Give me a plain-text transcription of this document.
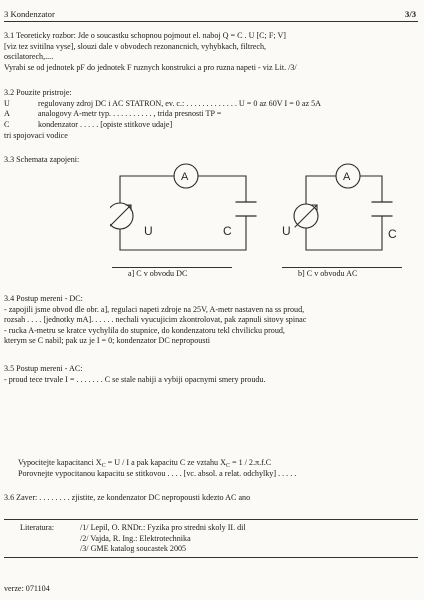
3 Kondenzator	3/3
3.1 Teoreticky rozbor: Jde o soucastku schopnou pojmout el. naboj Q = C . U [C; F; V]
[viz tez svitilna vyse], slouzi dale v obvodech rezonancnich, vyhybkach, filtrech,
oscilatorech,....
Vyrabi se od jednotek pF do jednotek F ruznych konstrukci a pro ruzna napeti - viz Lit. /3/
3.2 Pouzite pristroje:
U	regulovany zdroj DC i AC STATRON, ev. c.: . . . . . . . . . . . . . U = 0 az 60V I = 0 az 5A
A	analogovy A-metr typ. . . . . . . . . . . , trida presnosti TP =
C	kondenzator . . . . . [opiste stitkove udaje]
tri spojovaci vodice
3.3 Schemata zapojeni:
A
U	C
a] C v obvodu DC
A
U	C
b] C v obvodu AC
3.4 Postup mereni - DC:
- zapojili jsme obvod dle obr. a], regulaci napeti zdroje na 25V, A-metr nastaven na ss proud,
rozsah . . . . [jednotky mA]. . . . . . nechali vyucujicim zkontrolovat, pak zapnuli sitovy spinac
- rucka A-metru se kratce vychylila do stupnice, do kondenzatoru tekl chvilicku proud,
kterym se C nabil; pak uz je I = 0; kondenzator DC nepropousti
3.5 Postup mereni - AC:
- proud tece trvale I = . . . . . . . C se stale nabiji a vybiji opacnymi smery proudu.
Vypocitejte kapacitanci $X_C = U / I$ a pak kapacitu C ze vztahu $X_C = 1 / 2.\pi.f.C$
Porovnejte vypocitanou kapacitu se stitkovou . . . . [vc. absol. a relat. odchylky] . . . . .
3.6 Zaver: . . . . . . . . zjistite, ze kondenzator DC nepropousti kdezto AC ano
Literatura:	/1/ Lepil, O. RNDr.: Fyzika pro stredni skoly II. dil
/2/ Vajda, R. Ing.: Elektrotechnika
/3/ GME katalog soucastek 2005
verze: 071104
